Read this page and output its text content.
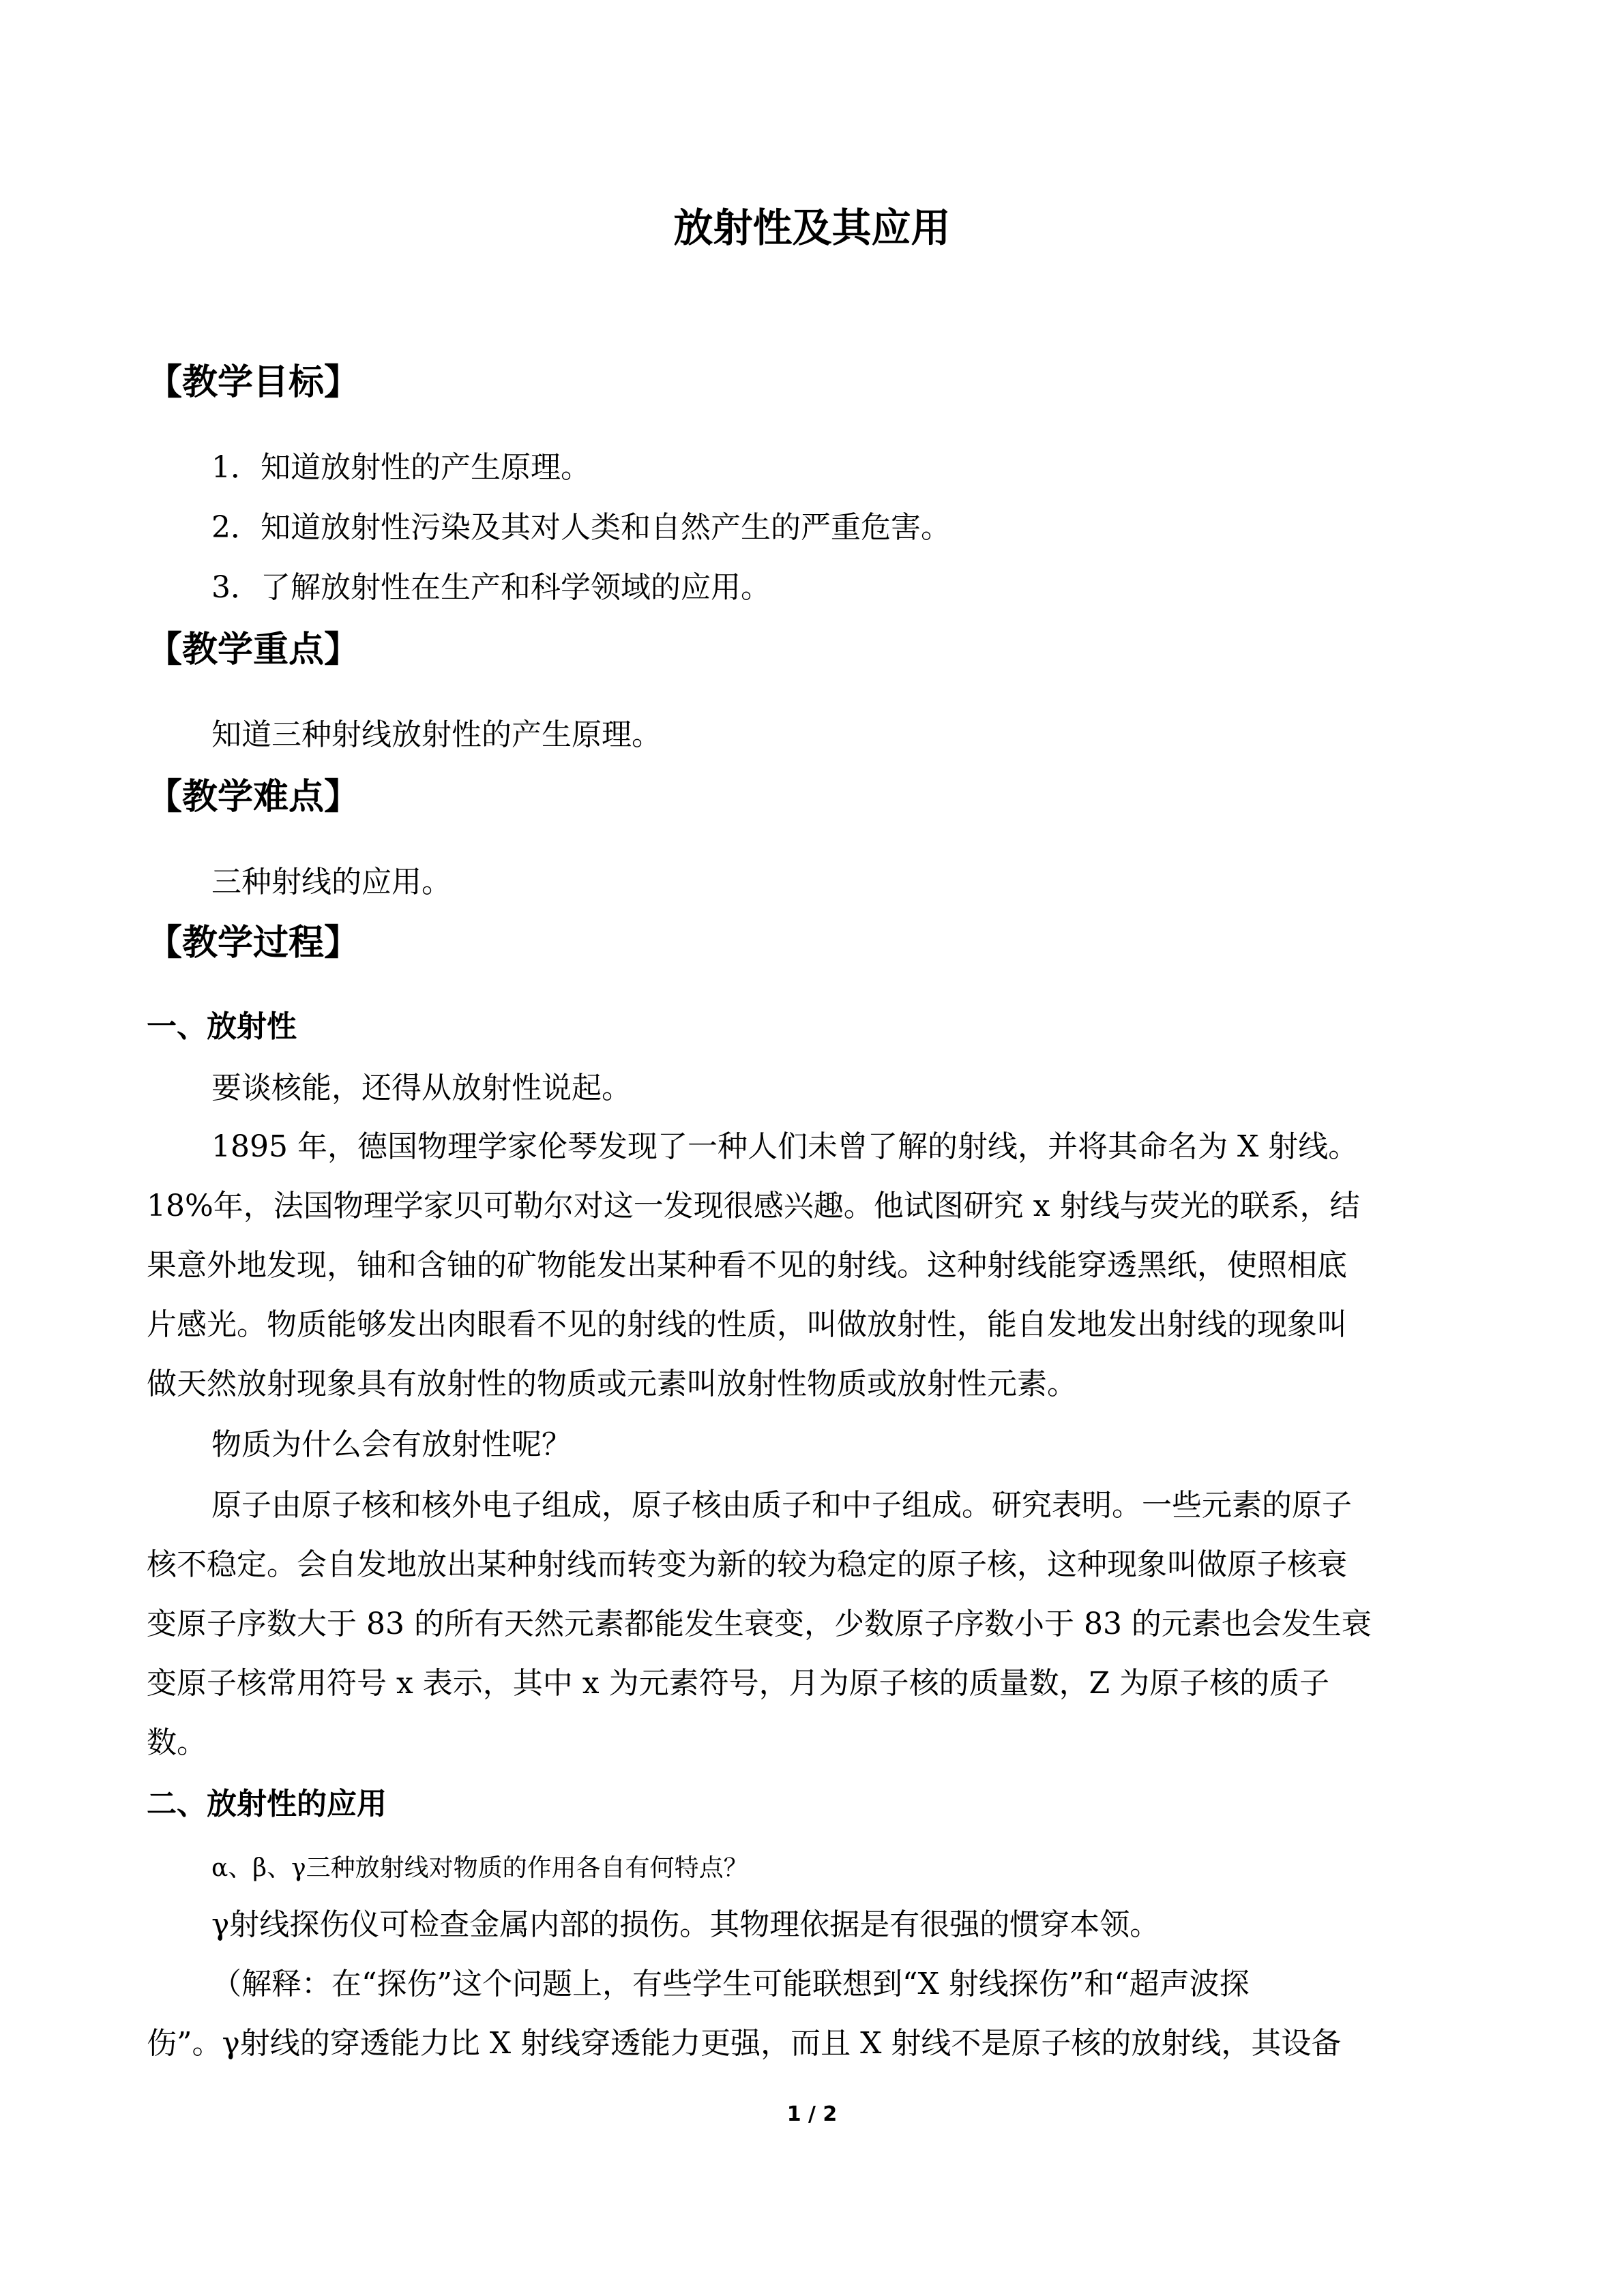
放射性及其应用
【教学目标】

1．知道放射性的产生原理。

2．知道放射性污染及其对人类和自然产生的严重危害。

3．了解放射性在生产和科学领域的应用。

【教学重点】

知道三种射线放射性的产生原理。

【教学难点】

三种射线的应用。

【教学过程】
一、放射性

要谈核能，还得从放射性说起。

1895 年，德国物理学家伦琴发现了一种人们未曾了解的射线，并将其命名为 X 射线。

18%年，法国物理学家贝可勒尔对这一发现很感兴趣。他试图研究 x 射线与荧光的联系，结

果意外地发现，铀和含铀的矿物能发出某种看不见的射线。这种射线能穿透黑纸，使照相底

片感光。物质能够发出肉眼看不见的射线的性质，叫做放射性，能自发地发出射线的现象叫

做天然放射现象具有放射性的物质或元素叫放射性物质或放射性元素。

物质为什么会有放射性呢？

原子由原子核和核外电子组成，原子核由质子和中子组成。研究表明。一些元素的原子

核不稳定。会自发地放出某种射线而转变为新的较为稳定的原子核，这种现象叫做原子核衰

变原子序数大于 83 的所有天然元素都能发生衰变，少数原子序数小于 83 的元素也会发生衰

变原子核常用符号 x 表示，其中 x 为元素符号，月为原子核的质量数，Z 为原子核的质子

数。

二、放射性的应用

α、β、γ三种放射线对物质的作用各自有何特点？

γ射线探伤仪可检查金属内部的损伤。其物理依据是有很强的惯穿本领。

（解释：在“探伤”这个问题上，有些学生可能联想到“X 射线探伤”和“超声波探

伤”。γ射线的穿透能力比 X 射线穿透能力更强，而且 X 射线不是原子核的放射线，其设备

1 / 2
